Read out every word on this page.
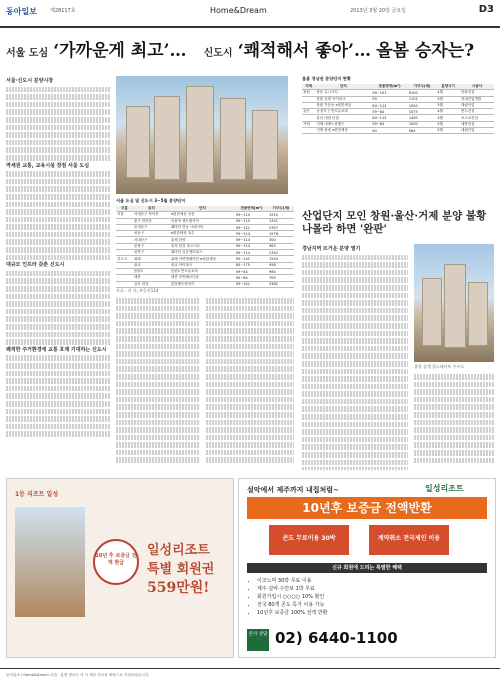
동아일보	제28117호	Home&Dream	2013년 3월 20일 금요일	D3
서울 도심 ‘가까운게 최고’… 신도시 ‘쾌적해서 좋아’… 올봄 승자는?
서울·신도시 분양시장
역세권 교통, 교육시설 장점 서울 도심
대규모 인프라 갖춘 신도시
쾌적한 주거환경에 교통 호재 기대하는 신도시
서울 도심 및 신도시 3~5월 분양단지
구분	위치	단지	전용면적(m²)	가구수(세)
서울	서대문구 북아현	e편한세상 신촌	59~114	1910
	중구 만리동	서울역 센트럴자이	59~115	1341
	동대문구	래미안 전농 크레시티	59~121	2397
	성동구	e편한세상 옥수	59~114	1976
	서대문구	홍제 한양	59~114	300
	동작구	흑석 한강 푸르지오	59~114	963
	성북구	래미안 길음센터피스	59~114	2352
신도시	위례	위례 자연앤래미안 e편한세상	95~101	1540
	광교	광교 아이파크	84~175	958
	동탄2	동탄2 반도유보라	59~84	960
	세종	세종 호반베르디움	59~84	700
	김포 한강	한강센트럴자이	59~101	3481
자료 : 각 사, 부동산114
올봄 경남권 분양단지 현황
지역	단지	전용면적(m²)	가구수(세)	분양시기	시공사
창원	중동 유니시티	59~101	6100	4월	한화건설
	창원 감계 아이파크	59	1102	5월	현대산업개발
	창원 가음동 e편한세상	84~114	1000	5월	대림산업
울산	송정지구 반도유보라	59~84	1075	4월	반도건설
	울산 대현 더샵	84~114	1400	4월	포스코건설
거제	거제 대방노블랜드	59~84	1000	5월	대방건설
	거제 장평 e편한세상	84	564	5월	대림산업
산업단지 모인 창원·울산·거제 분양 불황 나몰라 하면 '완판'
경남지역 뜨거운 분양 열기
창원 감계 힐스테이트 투시도
1등 리조트 일성
10년 후 보증금 전액 환급
일성리조트
특별 회원권
559만원!
설악에서 제주까지 내집처럼~	일성리조트
10년후 보증금 전액반환
콘도 무료이용 30박	계약취소 전국제인 이용
신규 회원에 드리는 특별한 혜택
• 이코노믹 30박 무료 이용
• 제주·설악·수안보 1박 무료
• 회원가입시 ○○○○ 10% 할인
• 전국 80개 콘도 특가 이용 가능
• 10년후 보증금 100% 전액 반환
본사 상담 02) 6440-1100
동아일보 / Home&Dream 특집 · 분양 정보는 각 사 제공 자료를 바탕으로 작성되었습니다.
